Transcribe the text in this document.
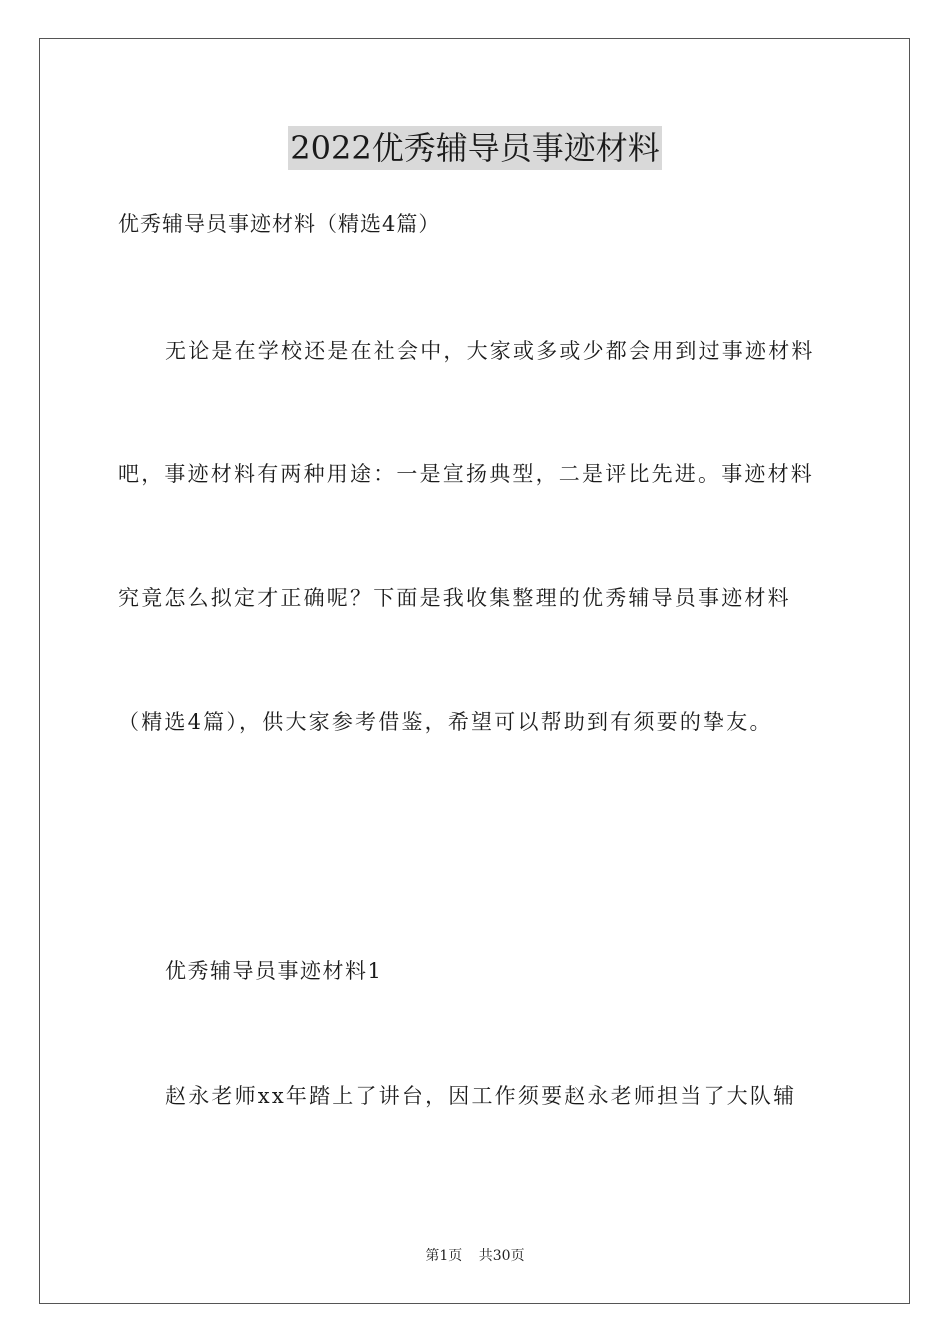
2022优秀辅导员事迹材料
优秀辅导员事迹材料（精选4篇）
无论是在学校还是在社会中，大家或多或少都会用到过事迹材料
吧，事迹材料有两种用途：一是宣扬典型，二是评比先进。事迹材料
究竟怎么拟定才正确呢？下面是我收集整理的优秀辅导员事迹材料
（精选4篇），供大家参考借鉴，希望可以帮助到有须要的挚友。
优秀辅导员事迹材料1
赵永老师xx年踏上了讲台，因工作须要赵永老师担当了大队辅
第1页 共30页
